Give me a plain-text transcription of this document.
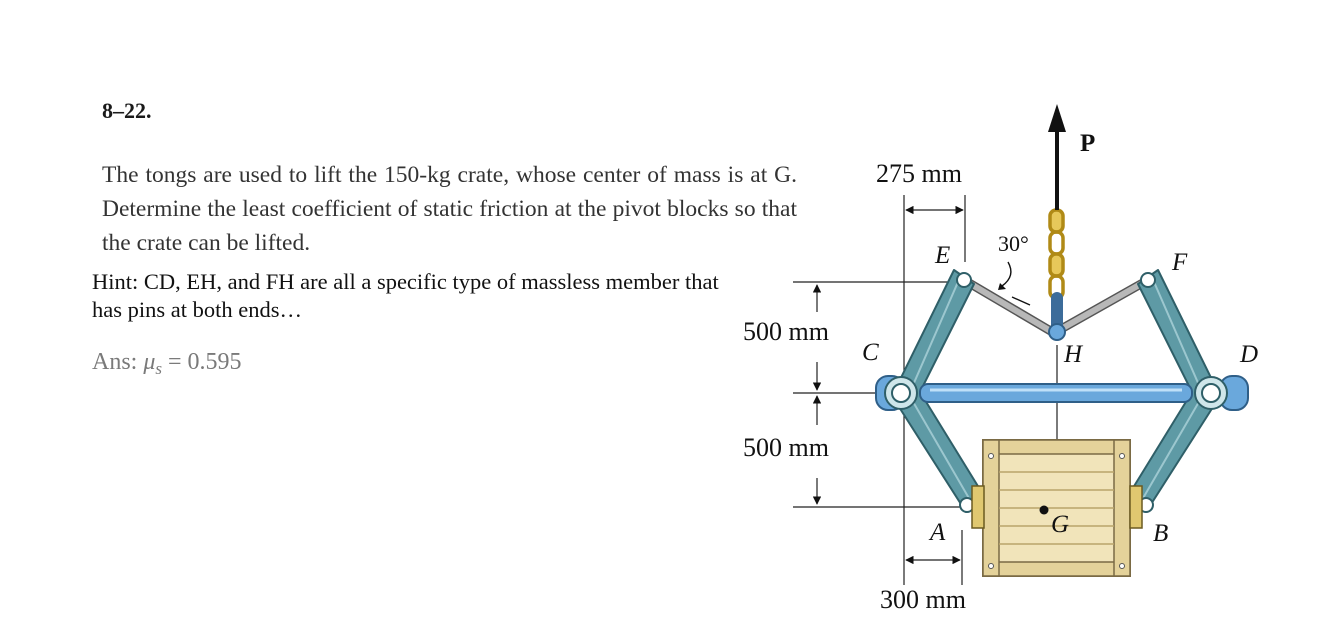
8–22.

The tongs are used to lift the 150-kg crate, whose center of mass is at G. Determine the least coefficient of static friction at the pivot blocks so that the crate can be lifted.

Hint: CD, EH, and FH are all a specific type of massless member that has pins at both ends…

Ans: $\mu_s = 0.595$
P
30°
275 mm
500 mm
500 mm
300 mm
E	F
C	D
H
A	B
G
